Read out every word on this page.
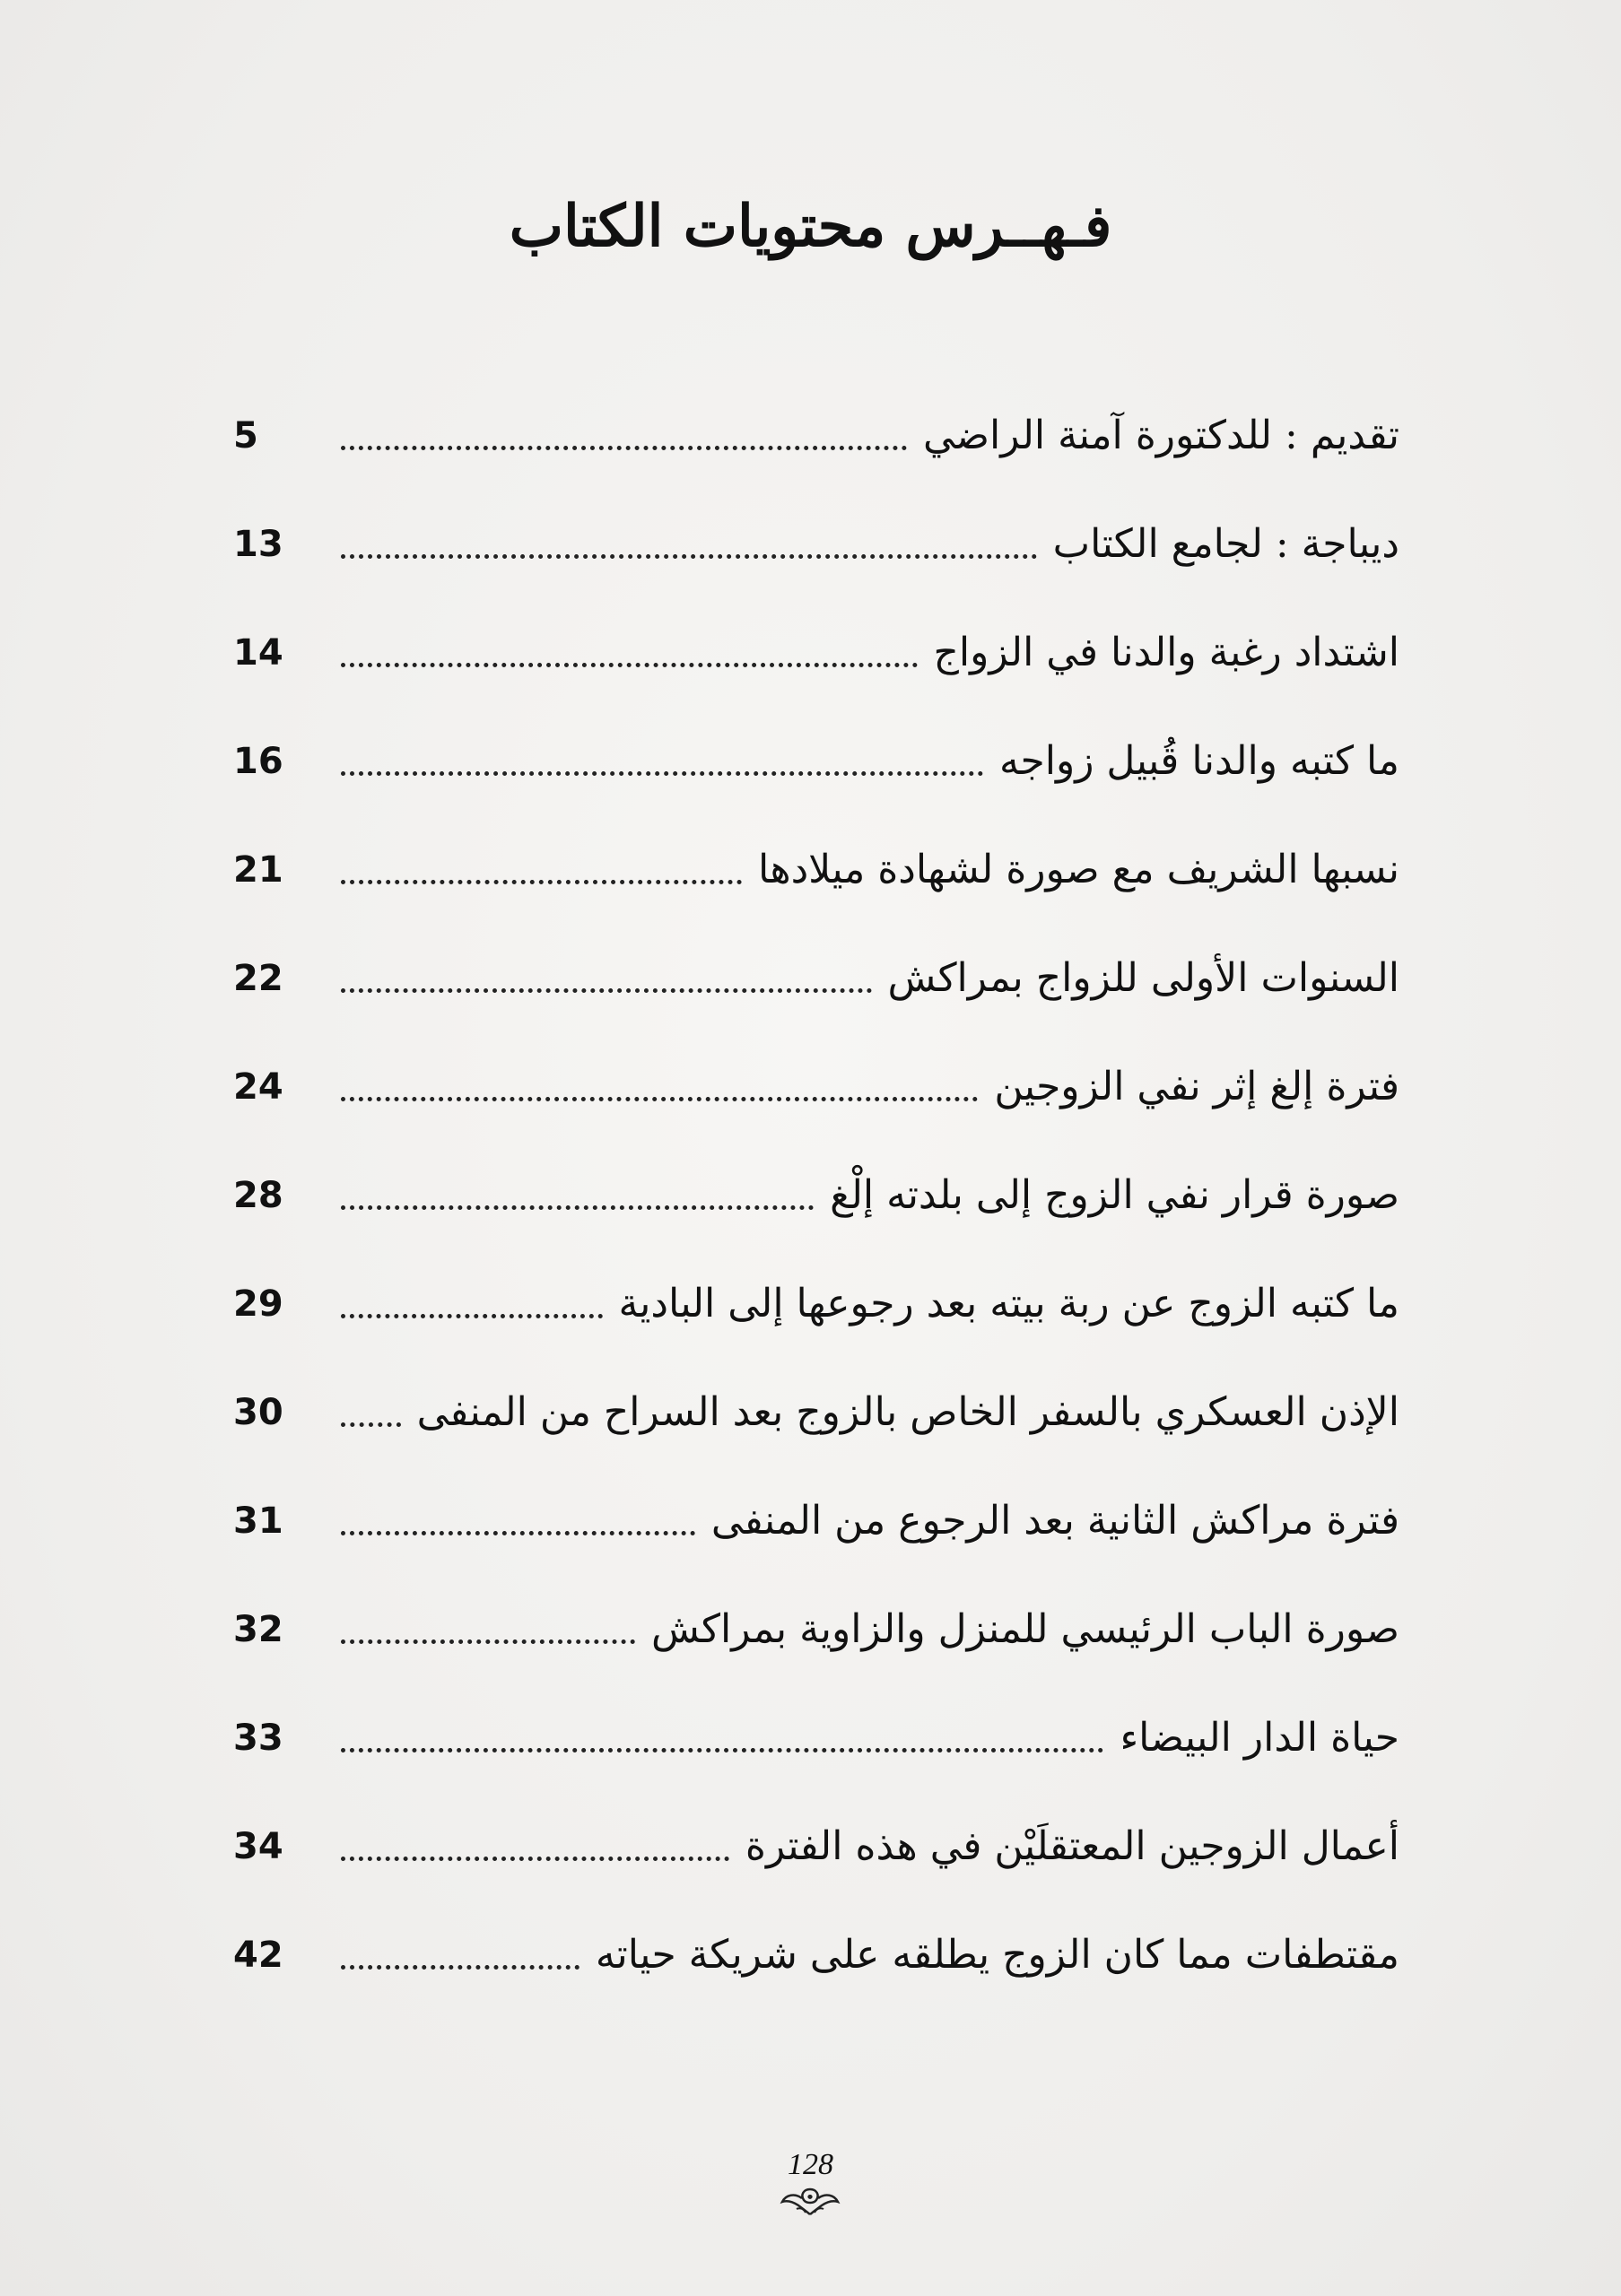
فـهــرس محتويات الكتاب
5	تقديم : للدكتورة آمنة الراضي
13	ديباجة : لجامع الكتاب
14	اشتداد رغبة والدنا في الزواج
16	ما كتبه والدنا قُبيل زواجه
21	نسبها الشريف مع صورة لشهادة ميلادها
22	السنوات الأولى للزواج بمراكش
24	فترة إلغ إثر نفي الزوجين
28	صورة قرار نفي الزوج إلى بلدته إلْغ
29	ما كتبه الزوج عن ربة بيته بعد رجوعها إلى البادية
30	الإذن العسكري بالسفر الخاص بالزوج بعد السراح من المنفى
31	فترة مراكش الثانية بعد الرجوع من المنفى
32	صورة الباب الرئيسي للمنزل والزاوية بمراكش
33	حياة الدار البيضاء
34	أعمال الزوجين المعتقلَيْن في هذه الفترة
42	مقتطفات مما كان الزوج يطلقه على شريكة حياته
128
